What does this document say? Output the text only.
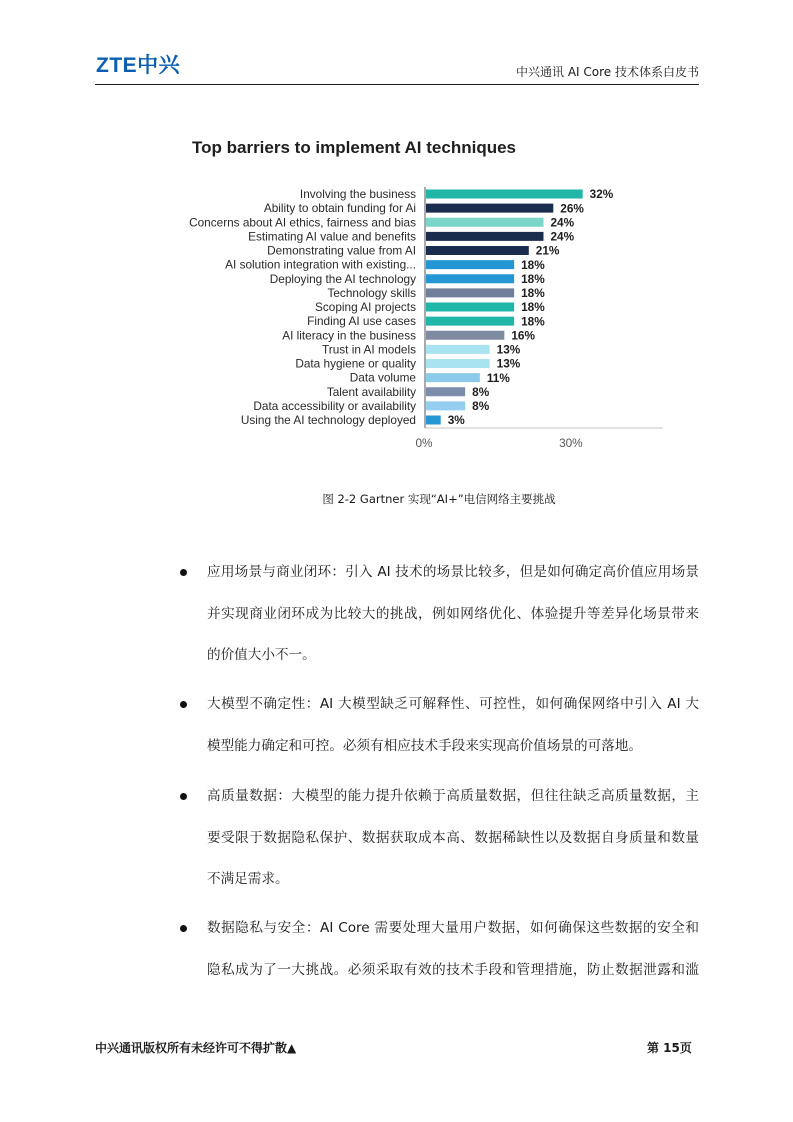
ZTE中兴	中兴通讯 AI Core 技术体系白皮书
Top barriers to implement AI techniques
Involving the business	32%
Ability to obtain funding for Ai	26%
Concerns about AI ethics, fairness and bias	24%
Estimating AI value and benefits	24%
Demonstrating value from AI	21%
AI solution integration with existing...	18%
Deploying the AI technology	18%
Technology skills	18%
Scoping AI projects	18%
Finding AI use cases	18%
AI literacy in the business	16%
Trust in AI models	13%
Data hygiene or quality	13%
Data volume	11%
Talent availability	8%
Data accessibility or availability	8%
Using the AI technology deployed	3%
0%	30%
图 2-2 Gartner 实现“AI+”电信网络主要挑战
应用场景与商业闭环：引入 AI 技术的场景比较多，但是如何确定高价值应用场景
并实现商业闭环成为比较大的挑战，例如网络优化、体验提升等差异化场景带来
的价值大小不一。
大模型不确定性：AI 大模型缺乏可解释性、可控性，如何确保网络中引入 AI 大
模型能力确定和可控。必须有相应技术手段来实现高价值场景的可落地。
高质量数据：大模型的能力提升依赖于高质量数据，但往往缺乏高质量数据，主
要受限于数据隐私保护、数据获取成本高、数据稀缺性以及数据自身质量和数量
不满足需求。
数据隐私与安全：AI Core 需要处理大量用户数据，如何确保这些数据的安全和
隐私成为了一大挑战。必须采取有效的技术手段和管理措施，防止数据泄露和滥
中兴通讯版权所有未经许可不得扩散▲	第 15页
